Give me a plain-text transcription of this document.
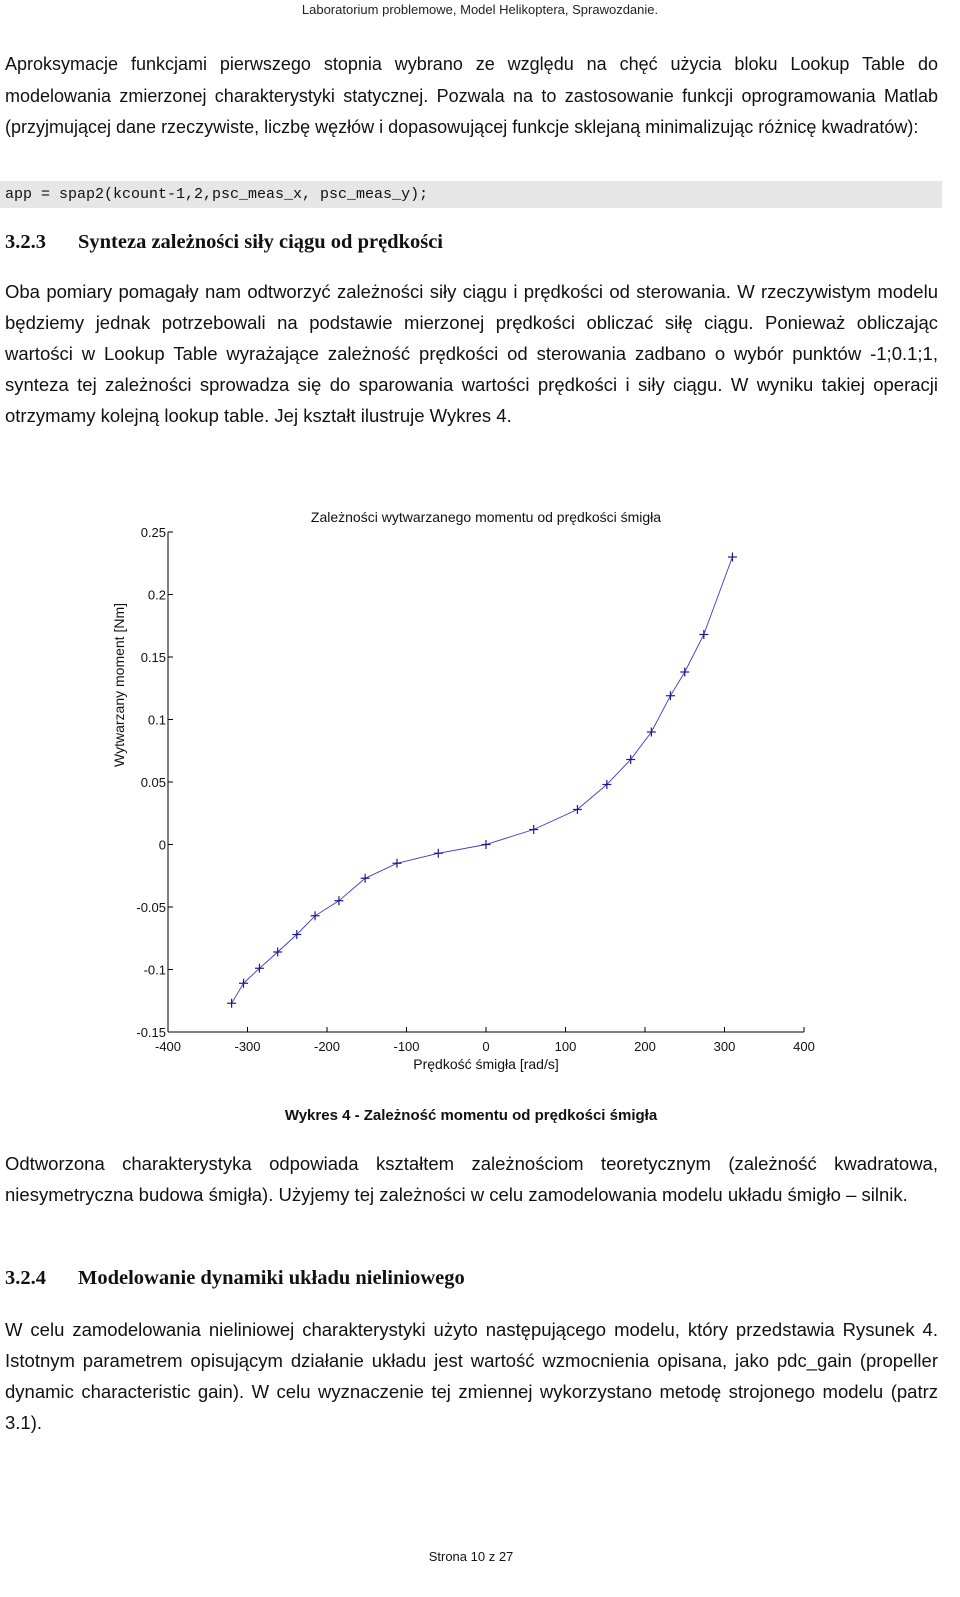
Laboratorium problemowe, Model Helikoptera, Sprawozdanie.

Aproksymacje funkcjami pierwszego stopnia wybrano ze względu na chęć użycia bloku Lookup Table do modelowania zmierzonej charakterystyki statycznej. Pozwala na to zastosowanie funkcji oprogramowania Matlab (przyjmującej dane rzeczywiste, liczbę węzłów i dopasowującej funkcje sklejaną minimalizując różnicę kwadratów):

app = spap2(kcount-1,2,psc_meas_x, psc_meas_y);
3.2.3 Synteza zależności siły ciągu od prędkości

Oba pomiary pomagały nam odtworzyć zależności siły ciągu i prędkości od sterowania. W rzeczywistym modelu będziemy jednak potrzebowali na podstawie mierzonej prędkości obliczać siłę ciągu. Ponieważ obliczając wartości w Lookup Table wyrażające zależność prędkości od sterowania zadbano o wybór punktów -1;0.1;1, synteza tej zależności sprowadza się do sparowania wartości prędkości i siły ciągu. W wyniku takiej operacji otrzymamy kolejną lookup table. Jej kształt ilustruje Wykres 4.

Zależności wytwarzanego momentu od prędkości śmigła
Wytwarzany moment [Nm]
Prędkość śmigła [rad/s]
-400	-300	-200	-100	0	100	200	300	400
-0.15
-0.1
-0.05
0
0.05
0.1
0.15
0.2
0.25
Wykres 4 - Zależność momentu od prędkości śmigła

Odtworzona charakterystyka odpowiada kształtem zależnościom teoretycznym (zależność kwadratowa, niesymetryczna budowa śmigła). Użyjemy tej zależności w celu zamodelowania modelu układu śmigło – silnik.

3.2.4 Modelowanie dynamiki układu nieliniowego

W celu zamodelowania nieliniowej charakterystyki użyto następującego modelu, który przedstawia Rysunek 4. Istotnym parametrem opisującym działanie układu jest wartość wzmocnienia opisana, jako pdc_gain (propeller dynamic characteristic gain). W celu wyznaczenie tej zmiennej wykorzystano metodę strojonego modelu (patrz 3.1).

Strona 10 z 27
